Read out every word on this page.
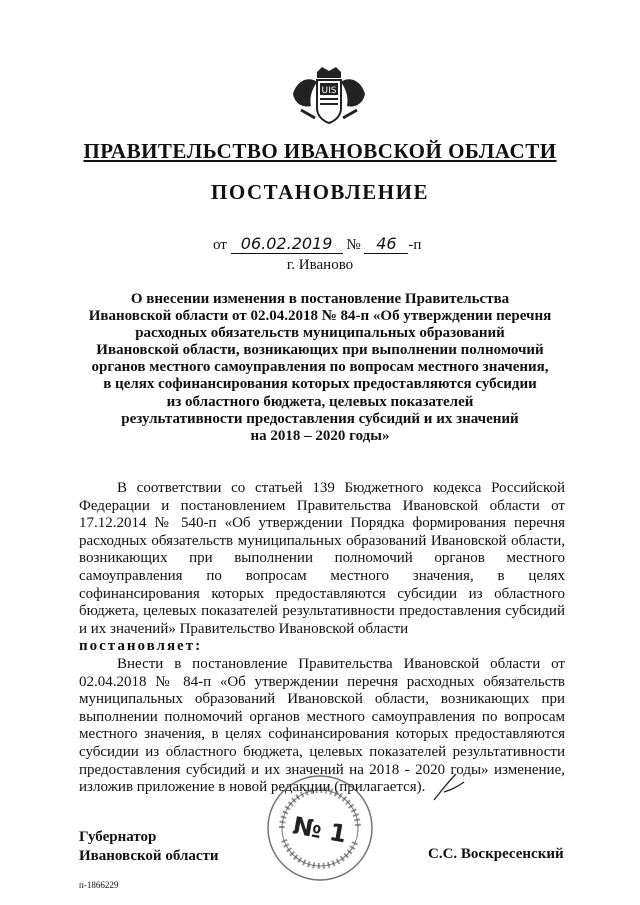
UIS
ПРАВИТЕЛЬСТВО ИВАНОВСКОЙ ОБЛАСТИ
ПОСТАНОВЛЕНИЕ
от 06.02.2019 № 46 -п
г. Иваново
О внесении изменения в постановление Правительства
Ивановской области от 02.04.2018 № 84-п «Об утверждении перечня
расходных обязательств муниципальных образований
Ивановской области, возникающих при выполнении полномочий
органов местного самоуправления по вопросам местного значения,
в целях софинансирования которых предоставляются субсидии
из областного бюджета, целевых показателей
результативности предоставления субсидий и их значений
на 2018 – 2020 годы»

В соответствии со статьей 139 Бюджетного кодекса Российской Федерации и постановлением Правительства Ивановской области от 17.12.2014 № 540-п «Об утверждении Порядка формирования перечня расходных обязательств муниципальных образований Ивановской области, возникающих при выполнении полномочий органов местного самоуправления по вопросам местного значения, в целях софинансирования которых предоставляются субсидии из областного бюджета, целевых показателей результативности предоставления субсидий и их значений» Правительство Ивановской области

постановляет:

Внести в постановление Правительства Ивановской области от 02.04.2018 № 84-п «Об утверждении перечня расходных обязательств муниципальных образований Ивановской области, возникающих при выполнении полномочий органов местного самоуправления по вопросам местного значения, в целях софинансирования которых предоставляются субсидии из областного бюджета, целевых показателей результативности предоставления субсидий и их значений на 2018 - 2020 годы» изменение, изложив приложение в новой редакции (прилагается).

№ 1
Губернатор
Ивановской области	С.С. Воскресенский
п-1866229
